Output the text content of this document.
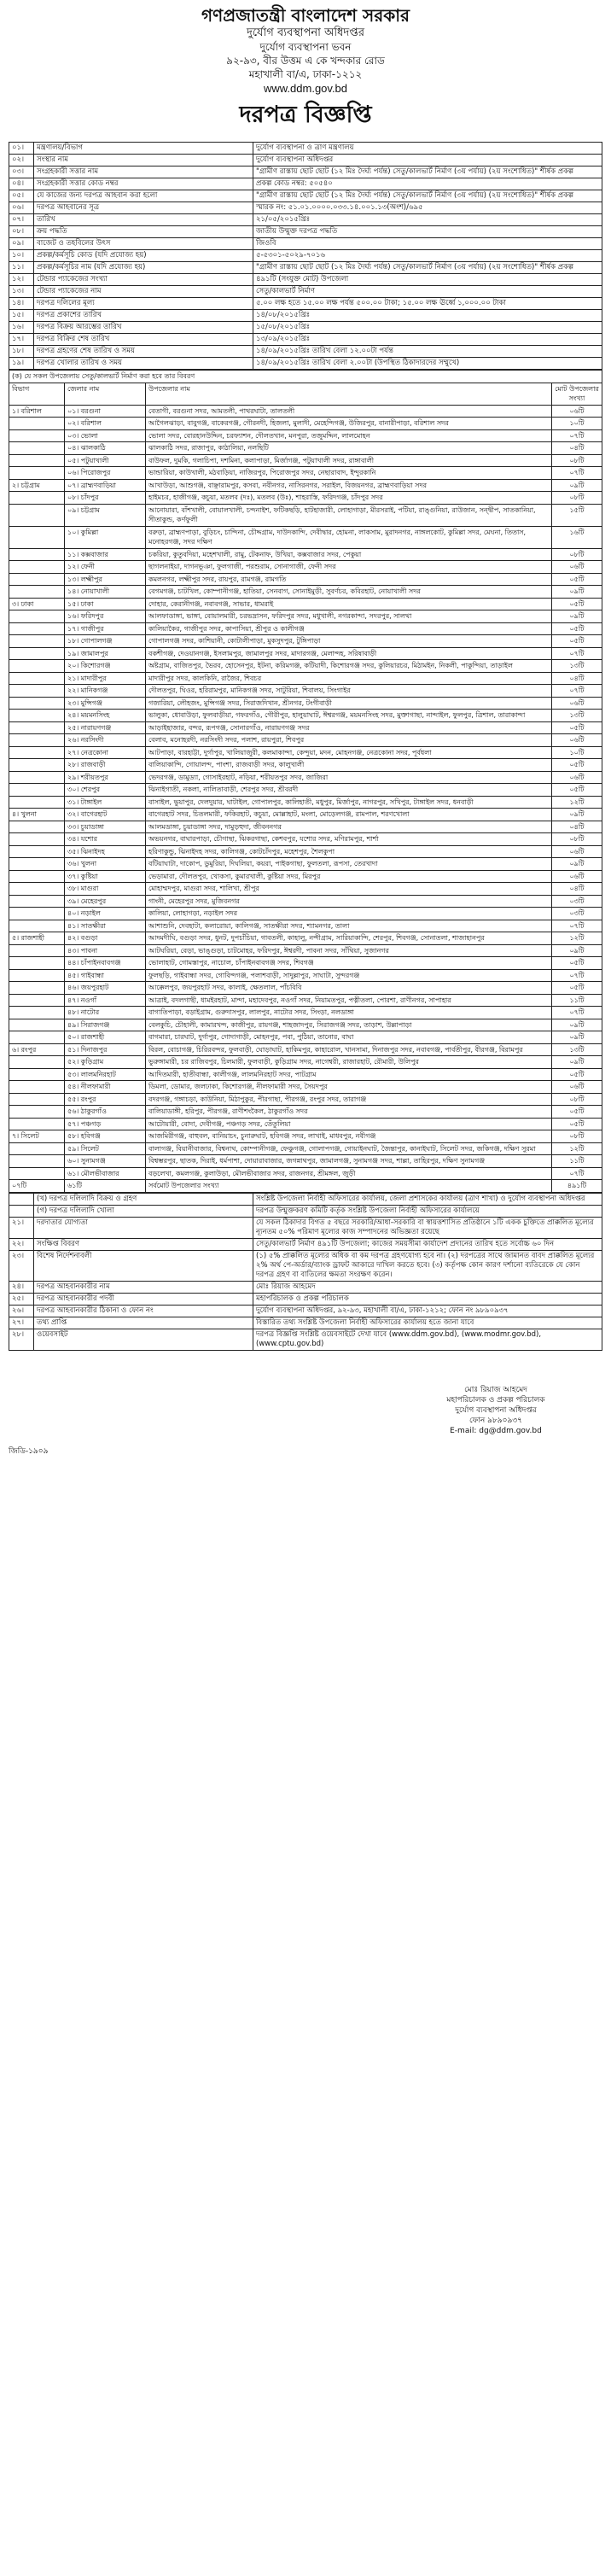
গণপ্রজাতন্ত্রী বাংলাদেশ সরকার
দুর্যোগ ব্যবস্থাপনা অধিদপ্তর
দুর্যোগ ব্যবস্থাপনা ভবন
৯২-৯৩, বীর উত্তম এ কে খন্দকার রোড
মহাখালী বা/এ, ঢাকা-১২১২
www.ddm.gov.bd
দরপত্র বিজ্ঞপ্তি
০১।	মন্ত্রণালয়/বিভাগ	দুর্যোগ ব্যবস্থাপনা ও ত্রাণ মন্ত্রণালয়
০২।	সংস্থার নাম	দুর্যোগ ব্যবস্থাপনা অধিদপ্তর
০৩।	সংগ্রহকারী সত্তার নাম	"গ্রামীণ রাস্তায় ছোট ছোট (১২ মিঃ দৈর্ঘ্য পর্যন্ত) সেতু/কালভার্ট নির্মাণ (৩য় পর্যায়) (২য় সংশোধিত)" শীর্ষক প্রকল্প
০৪।	সংগ্রহকারী সত্তার কোড নম্বর	প্রকল্প কোড নম্বর: ৫০৫৪০
০৫।	যে কাজের জন্য দরপত্র আহবান করা হলো	"গ্রামীণ রাস্তায় ছোট ছোট (১২ মিঃ দৈর্ঘ্য পর্যন্ত) সেতু/কালভার্ট নির্মাণ (৩য় পর্যায়) (২য় সংশোধিত)" শীর্ষক প্রকল্প
০৬।	দরপত্র আহবানের সূত্র	স্মারক নং: ৫১.০১.০০০০.০৩৩.১৪.০০১.১৩(অংশ)/৬৯৫
০৭।	তারিখ	২১/০৫/২০১৫খ্রিঃ
০৮।	ক্রয় পদ্ধতি	জাতীয় উন্মুক্ত দরপত্র পদ্ধতি
০৯।	বাজেট ও তহবিলের উৎস	জিওবি
১০।	প্রকল্প/কর্মসূচি কোড (যদি প্রযোজ্য হয়)	৫-৫৩০১-৫০২৯-৭০১৬
১১।	প্রকল্প/কর্মসূচির নাম (যদি প্রযোজ্য হয়)	"গ্রামীণ রাস্তায় ছোট ছোট (১২ মিঃ দৈর্ঘ্য পর্যন্ত) সেতু/কালভার্ট নির্মাণ (৩য় পর্যায়) (২য় সংশোধিত)" শীর্ষক প্রকল্প
১২।	টেন্ডার প্যাকেজের সংখ্যা	৪৯১টি (সংযুক্ত মোট) উপজেলা
১৩।	টেন্ডার প্যাকেজের নাম	সেতু/কালভার্ট নির্মাণ
১৪।	দরপত্র দলিলের মূল্য	৫.০০ লক্ষ হতে ১৫.০০ লক্ষ পর্যন্ত ৫০০.০০ টাকা; ১৫.০০ লক্ষ ঊর্ধ্বে ১,০০০.০০ টাকা
১৫।	দরপত্র প্রকাশের তারিখ	১৪/০৮/২০১৫খ্রিঃ
১৬।	দরপত্র বিক্রয় আরম্ভের তারিখ	১৫/০৮/২০১৫খ্রিঃ
১৭।	দরপত্র বিক্রির শেষ তারিখ	১৩/০৯/২০১৫খ্রিঃ
১৮।	দরপত্র গ্রহণের শেষ তারিখ ও সময়	১৪/০৯/২০১৫খ্রিঃ তারিখ বেলা ১২.০০টা পর্যন্ত
১৯।	দরপত্র খোলার তারিখ ও সময়	১৪/০৯/২০১৫খ্রিঃ তারিখ বেলা ২.০০টা (উপস্থিত ঠিকাদারদের সম্মুখে)
(ক) যে সকল উপজেলায় সেতু/কালভার্ট নির্মাণ করা হবে তার বিবরণ			
বিভাগ	জেলার নাম	উপজেলার নাম	মোট উপজেলার সংখ্যা
১। বরিশাল	০১। বরগুনা	বেতাগী, বরগুনা সদর, আমতলী, পাথরঘাটা, তালতলী	০৬টি
	০২। বরিশাল	আগৈলঝাড়া, বাবুগঞ্জ, বাকেরগঞ্জ, গৌরনদী, হিজলা, মুলাদী, মেহেন্দিগঞ্জ, উজিরপুর, বানারীপাড়া, বরিশাল সদর	১০টি
	০৩। ভোলা	ভোলা সদর, বোরহানউদ্দিন, চরফ্যাশন, দৌলতখান, মনপুরা, তজুমদ্দিন, লালমোহন	০৭টি
	০৪। ঝালকাঠি	ঝালকাঠি সদর, রাজাপুর, কাঠালিয়া, নলছিটি	০৪টি
	০৫। পটুয়াখালী	বাউফল, দুমকি, গলাচিপা, দশমিনা, কলাপাড়া, মির্জাগঞ্জ, পটুয়াখালী সদর, রাঙ্গাবালী	০৮টি
	০৬। পিরোজপুর	ভান্ডারিয়া, কাউখালী, মঠবাড়িয়া, নাজিরপুর, পিরোজপুর সদর, নেছারাবাদ, ইন্দুরকানি	০৭টি
২। চট্টগ্রাম	০৭। ব্রাহ্মণবাড়িয়া	আখাউড়া, আশুগঞ্জ, বাঞ্ছারামপুর, কসবা, নবীনগর, নাসিরনগর, সরাইল, বিজয়নগর, ব্রাহ্মণবাড়িয়া সদর	০৯টি
	০৮। চাঁদপুর	হাইমচর, হাজীগঞ্জ, কচুয়া, মতলব (দঃ), মতলব (উঃ), শাহরাস্তি, ফরিদগঞ্জ, চাঁদপুর সদর	০৮টি
	০৯। চট্টগ্রাম	আনোয়ারা, বাঁশখালী, বোয়ালখালী, চন্দনাইশ, ফটিকছড়ি, হাটহাজারী, লোহাগাড়া, মীরসরাই, পটিয়া, রাঙ্গুনিয়া, রাউজান, সন্দ্বীপ, সাতকানিয়া, সীতাকুন্ড, কর্ণফুলী	১৫টি
	১০। কুমিল্লা	বরুড়া, ব্রাহ্মণপাড়া, বুড়িচং, চান্দিনা, চৌদ্দগ্রাম, দাউদকান্দি, দেবীদ্বার, হোমনা, লাকসাম, মুরাদনগর, নাঙ্গলকোট, কুমিল্লা সদর, মেঘনা, তিতাস, মনোহরগঞ্জ, সদর দক্ষিণ	১৬টি
	১১। কক্সবাজার	চকরিয়া, কুতুবদিয়া, মহেশখালী, রামু, টেকনাফ, উখিয়া, কক্সবাজার সদর, পেকুয়া	০৮টি
	১২। ফেনী	ছাগলনাইয়া, দাগনভূঞা, ফুলগাজী, পরশুরাম, সোনাগাজী, ফেনী সদর	০৬টি
	১৩। লক্ষ্মীপুর	কমলনগর, লক্ষ্মীপুর সদর, রায়পুর, রামগঞ্জ, রামগতি	০৫টি
	১৪। নোয়াখালী	বেগমগঞ্জ, চাটখিল, কোম্পানীগঞ্জ, হাতিয়া, সেনবাগ, সোনাইমুড়ী, সুবর্ণচর, কবিরহাট, নোয়াখালী সদর	০৯টি
৩। ঢাকা	১৫। ঢাকা	দোহার, কেরানীগঞ্জ, নবাবগঞ্জ, সাভার, ধামরাই	০৫টি
	১৬। ফরিদপুর	আলফাডাঙ্গা, ভাঙ্গা, বোয়ালমারী, চরভদ্রাসন, ফরিদপুর সদর, মধুখালী, নগরকান্দা, সদরপুর, সালথা	০৯টি
	১৭। গাজীপুর	কালিয়াকৈর, গাজীপুর সদর, কাপাসিয়া, শ্রীপুর ও কালীগঞ্জ	০৫টি
	১৮। গোপালগঞ্জ	গোপালগঞ্জ সদর, কাশিয়ানী, কোটালীপাড়া, মুকসুদপুর, টুঙ্গিপাড়া	০৫টি
	১৯। জামালপুর	বকশীগঞ্জ, দেওয়ানগঞ্জ, ইসলামপুর, জামালপুর সদর, মাদারগঞ্জ, মেলান্দহ, সরিষাবাড়ী	০৭টি
	২০। কিশোরগঞ্জ	অষ্টগ্রাম, বাজিতপুর, ভৈরব, হোসেনপুর, ইটনা, করিমগঞ্জ, কটিয়াদী, কিশোরগঞ্জ সদর, কুলিয়ারচর, মিঠামইন, নিকলী, পাকুন্দিয়া, তাড়াইল	১৩টি
	২১। মাদারীপুর	মাদারীপুর সদর, কালকিনি, রাজৈর, শিবচর	০৪টি
	২২। মানিকগঞ্জ	দৌলতপুর, ঘিওর, হরিরামপুর, মানিকগঞ্জ সদর, সাটুরিয়া, শিবালয়, সিংগাইর	০৭টি
	২৩। মুন্সিগঞ্জ	গজারিয়া, লৌহজং, মুন্সিগঞ্জ সদর, সিরাজদিখান, শ্রীনগর, টংগীবাড়ী	০৬টি
	২৪। ময়মনসিংহ	ভালুকা, ধোবাউড়া, ফুলবাড়ীয়া, গফরগাঁও, গৌরীপুর, হালুয়াঘাট, ঈশ্বরগঞ্জ, ময়মনসিংহ সদর, মুক্তাগাছা, নান্দাইল, ফুলপুর, ত্রিশাল, তারাকান্দা	১৩টি
	২৫। নারায়ণগঞ্জ	আড়াইহাজার, বন্দর, রূপগঞ্জ, সোনারগাঁও, নারায়ণগঞ্জ সদর	০৫টি
	২৬। নরসিংদী	বেলাব, মনোহরদী, নরসিংদী সদর, পলাশ, রায়পুরা, শিবপুর	০৬টি
	২৭। নেত্রকোনা	আটপাড়া, বারহাট্টা, দুর্গাপুর, খালিয়াজুরী, কলমাকান্দা, কেন্দুয়া, মদন, মোহনগঞ্জ, নেত্রকোনা সদর, পূর্বধলা	১০টি
	২৮। রাজবাড়ী	বালিয়াকান্দি, গোয়ালন্দ, পাংশা, রাজবাড়ী সদর, কালুখালী	০৫টি
	২৯। শরীয়তপুর	ভেদরগঞ্জ, ডামুড্যা, গোসাইরহাট, নড়িয়া, শরীয়তপুর সদর, জাজিরা	০৬টি
	৩০। শেরপুর	ঝিনাইগাতী, নকলা, নালিতাবাড়ী, শেরপুর সদর, শ্রীবরদী	০৫টি
	৩১। টাঙ্গাইল	বাসাইল, ভুয়াপুর, দেলদুয়ার, ঘাটাইল, গোপালপুর, কালিহাতী, মধুপুর, মির্জাপুর, নাগরপুর, সখিপুর, টাঙ্গাইল সদর, ধনবাড়ী	১২টি
৪। খুলনা	৩২। বাগেরহাট	বাগেরহাট সদর, চিতলমারী, ফকিরহাট, কচুয়া, মোল্লাহাট, মংলা, মোড়েলগঞ্জ, রামপাল, শরণখোলা	০৯টি
	৩৩। চুয়াডাঙ্গা	আলমডাঙ্গা, চুয়াডাঙ্গা সদর, দামুড়হুদা, জীবননগর	০৪টি
	৩৪। যশোর	অভয়নগর, বাঘারপাড়া, চৌগাছা, ঝিকরগাছা, কেশবপুর, যশোর সদর, মণিরামপুর, শার্শা	০৮টি
	৩৫। ঝিনাইদহ	হরিণাকুন্ডু, ঝিনাইদহ সদর, কালিগঞ্জ, কোটচাঁদপুর, মহেশপুর, শৈলকুপা	০৬টি
	৩৬। খুলনা	বটিয়াঘাটা, দাকোপ, ডুমুরিয়া, দিঘলিয়া, কয়রা, পাইকগাছা, ফুলতলা, রূপসা, তেরখাদা	০৯টি
	৩৭। কুষ্টিয়া	ভেড়ামারা, দৌলতপুর, খোকসা, কুমারখালী, কুষ্টিয়া সদর, মিরপুর	০৬টি
	৩৮। মাগুরা	মোহাম্মদপুর, মাগুরা সদর, শালিখা, শ্রীপুর	০৪টি
	৩৯। মেহেরপুর	গাংনী, মেহেরপুর সদর, মুজিবনগর	০৩টি
	৪০। নড়াইল	কালিয়া, লোহাগড়া, নড়াইল সদর	০৩টি
	৪১। সাতক্ষীরা	আশাশুনি, দেবহাটা, কলারোয়া, কালিগঞ্জ, সাতক্ষীরা সদর, শ্যামনগর, তালা	০৭টি
৫। রাজশাহী	৪২। বগুড়া	আদমদীঘি, বগুড়া সদর, ধুনট, দুপচাঁচিয়া, গাবতলী, কাহালু, নন্দীগ্রাম, সারিয়াকান্দি, শেরপুর, শিবগঞ্জ, সোনাতলা, শাজাহানপুর	১২টি
	৪৩। পাবনা	আটঘরিয়া, বেড়া, ভাঙ্গুড়া, চাটমোহর, ফরিদপুর, ঈশ্বরদী, পাবনা সদর, সাঁথিয়া, সুজানগর	০৯টি
	৪৪। চাঁপাইনবাবগঞ্জ	ভোলাহাট, গোমস্তাপুর, নাচোল, চাঁপাইনবাবগঞ্জ সদর, শিবগঞ্জ	০৫টি
	৪৫। গাইবান্ধা	ফুলছড়ি, গাইবান্ধা সদর, গোবিন্দগঞ্জ, পলাশবাড়ী, সাদুল্লাপুর, সাঘাটা, সুন্দরগঞ্জ	০৭টি
	৪৬। জয়পুরহাট	আক্কেলপুর, জয়পুরহাট সদর, কালাই, ক্ষেতলাল, পাঁচবিবি	০৫টি
	৪৭। নওগাঁ	আত্রাই, বদলগাছী, ধামইরহাট, মান্দা, মহাদেবপুর, নওগাঁ সদর, নিয়ামতপুর, পত্নীতলা, পোরশা, রাণীনগর, সাপাহার	১১টি
	৪৮। নাটোর	বাগাতিপাড়া, বড়াইগ্রাম, গুরুদাসপুর, লালপুর, নাটোর সদর, সিংড়া, নলডাঙ্গা	০৭টি
	৪৯। সিরাজগঞ্জ	বেলকুচি, চৌহালী, কামারখন্দ, কাজীপুর, রায়গঞ্জ, শাহজাদপুর, সিরাজগঞ্জ সদর, তাড়াশ, উল্লাপাড়া	০৯টি
	৫০। রাজশাহী	বাগমারা, চারঘাট, দুর্গাপুর, গোদাগাড়ী, মোহনপুর, পবা, পুঠিয়া, তানোর, বাঘা	০৯টি
৬। রংপুর	৫১। দিনাজপুর	বিরল, বোচাগঞ্জ, চিরিরবন্দর, ফুলবাড়ী, ঘোড়াঘাট, হাকিমপুর, কাহারোল, খানসামা, দিনাজপুর সদর, নবাবগঞ্জ, পার্বতীপুর, বীরগঞ্জ, বিরামপুর	১৩টি
	৫২। কুড়িগ্রাম	ভুরুঙ্গামারী, চর রাজিবপুর, চিলমারী, ফুলবাড়ী, কুড়িগ্রাম সদর, নাগেশ্বরী, রাজারহাট, রৌমারী, উলিপুর	০৯টি
	৫৩। লালমনিরহাট	আদিতমারী, হাতীবান্ধা, কালীগঞ্জ, লালমনিরহাট সদর, পাটগ্রাম	০৫টি
	৫৪। নীলফামারী	ডিমলা, ডোমার, জলঢাকা, কিশোরগঞ্জ, নীলফামারী সদর, সৈয়দপুর	০৬টি
	৫৫। রংপুর	বদরগঞ্জ, গঙ্গাচড়া, কাউনিয়া, মিঠাপুকুর, পীরগাছা, পীরগঞ্জ, রংপুর সদর, তারাগঞ্জ	০৮টি
	৫৬। ঠাকুরগাঁও	বালিয়াডাঙ্গী, হরিপুর, পীরগঞ্জ, রাণীশংকৈল, ঠাকুরগাঁও সদর	০৫টি
	৫৭। পঞ্চগড়	আটোয়ারী, বোদা, দেবীগঞ্জ, পঞ্চগড় সদর, তেঁতুলিয়া	০৫টি
৭। সিলেট	৫৮। হবিগঞ্জ	আজমিরীগঞ্জ, বাহুবল, বানিয়াচং, চুনারুঘাট, হবিগঞ্জ সদর, লাখাই, মাধবপুর, নবীগঞ্জ	০৮টি
	৫৯। সিলেট	বালাগঞ্জ, বিয়ানীবাজার, বিশ্বনাথ, কোম্পানীগঞ্জ, ফেঞ্চুগঞ্জ, গোলাপগঞ্জ, গোয়াইনঘাট, জৈন্তাপুর, কানাইঘাট, সিলেট সদর, জকিগঞ্জ, দক্ষিণ সুরমা	১২টি
	৬০। সুনামগঞ্জ	বিশ্বম্ভরপুর, ছাতক, দিরাই, ধর্মপাশা, দোয়ারাবাজার, জগন্নাথপুর, জামালগঞ্জ, সুনামগঞ্জ সদর, শাল্লা, তাহিরপুর, দক্ষিণ সুনামগঞ্জ	১১টি
	৬১। মৌলভীবাজার	বড়লেখা, কমলগঞ্জ, কুলাউড়া, মৌলভীবাজার সদর, রাজনগর, শ্রীমঙ্গল, জুড়ী	০৭টি
০৭টি	৬১টি	সর্বমোট উপজেলার সংখ্যা	৪৯১টি
	(খ) দরপত্র দলিলাদি বিক্রয় ও গ্রহণ	সংশ্লিষ্ট উপজেলা নির্বাহী অফিসারের কার্যালয়, জেলা প্রশাসকের কার্যালয় (ত্রাণ শাখা) ও দুর্যোগ ব্যবস্থাপনা অধিদপ্তর
	(গ) দরপত্র দলিলাদি খোলা	দরপত্র উন্মুক্তকরণ কমিটি কর্তৃক সংশ্লিষ্ট উপজেলা নির্বাহী অফিসারের কার্যালয়ে
২১।	দরদাতার যোগ্যতা	যে সকল ঠিকাদার বিগত ৫ বছরে সরকারি/আধা-সরকারি বা স্বায়ত্তশাসিত প্রতিষ্ঠানে ১টি একক চুক্তিতে প্রাক্কলিত মূল্যের ন্যূনতম ৫০% পরিমাণ মূল্যের কাজ সম্পাদনের অভিজ্ঞতা রয়েছে
২২।	সংক্ষিপ্ত বিবরণ	সেতু/কালভার্ট নির্মাণ ৪৯১টি উপজেলা; কাজের সময়সীমা কার্যাদেশ প্রদানের তারিখ হতে সর্বোচ্চ ৬০ দিন
২৩।	বিশেষ নির্দেশনাবলী	(১) ৫% প্রাক্কলিত মূল্যের অধিক বা কম দরপত্র গ্রহণযোগ্য হবে না। (২) দরপত্রের সাথে জামানত বাবদ প্রাক্কলিত মূল্যের ২% অর্থ পে-অর্ডার/ব্যাংক ড্রাফট আকারে দাখিল করতে হবে। (৩) কর্তৃপক্ষ কোন কারণ দর্শানো ব্যতিরেকে যে কোন দরপত্র গ্রহণ বা বাতিলের ক্ষমতা সংরক্ষণ করেন।
২৪।	দরপত্র আহবানকারীর নাম	মোঃ রিয়াজ আহমেদ
২৫।	দরপত্র আহবানকারীর পদবী	মহাপরিচালক ও প্রকল্প পরিচালক
২৬।	দরপত্র আহবানকারীর ঠিকানা ও ফোন নং	দুর্যোগ ব্যবস্থাপনা অধিদপ্তর, ৯২-৯৩, মহাখালী বা/এ, ঢাকা-১২১২; ফোন নং ৯৮৯০৯৩৭
২৭।	তথ্য প্রাপ্তি	বিস্তারিত তথ্য সংশ্লিষ্ট উপজেলা নির্বাহী অফিসারের কার্যালয় হতে জানা যাবে
২৮।	ওয়েবসাইট	দরপত্র বিজ্ঞপ্তি সংশ্লিষ্ট ওয়েবসাইটে দেখা যাবে (www.ddm.gov.bd), (www.modmr.gov.bd), (www.cptu.gov.bd)
মোঃ রিয়াজ আহমেদ
মহাপরিচালক ও প্রকল্প পরিচালক
দুর্যোগ ব্যবস্থাপনা অধিদপ্তর
ফোন ৯৮৯০৯৩৭
E-mail: dg@ddm.gov.bd
জিডি-১৯০৯
